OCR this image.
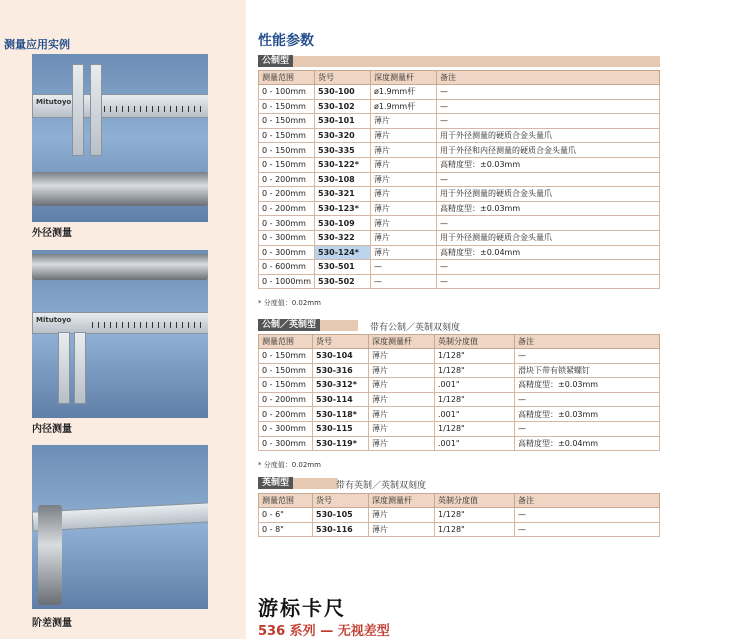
测量应用实例
Mitutoyo
外径测量
Mitutoyo
内径测量
阶差测量
性能参数
公制型
测量范围	货号	深度测量杆	备注
0 - 100mm	530-100	ø1.9mm杆	—
0 - 150mm	530-102	ø1.9mm杆	—
0 - 150mm	530-101	薄片	—
0 - 150mm	530-320	薄片	用于外径测量的硬质合金头量爪
0 - 150mm	530-335	薄片	用于外径和内径测量的硬质合金头量爪
0 - 150mm	530-122*	薄片	高精度型：±0.03mm
0 - 200mm	530-108	薄片	—
0 - 200mm	530-321	薄片	用于外径测量的硬质合金头量爪
0 - 200mm	530-123*	薄片	高精度型：±0.03mm
0 - 300mm	530-109	薄片	—
0 - 300mm	530-322	薄片	用于外径测量的硬质合金头量爪
0 - 300mm	530-124*	薄片	高精度型：±0.04mm
0 - 600mm	530-501	—	—
0 - 1000mm	530-502	—	—
* 分度值：0.02mm
公制／英制型	带有公制／英制双刻度
测量范围	货号	深度测量杆	英制分度值	备注
0 - 150mm	530-104	薄片	1/128"	—
0 - 150mm	530-316	薄片	1/128"	滑块下带有锁紧螺钉
0 - 150mm	530-312*	薄片	.001"	高精度型：±0.03mm
0 - 200mm	530-114	薄片	1/128"	—
0 - 200mm	530-118*	薄片	.001"	高精度型：±0.03mm
0 - 300mm	530-115	薄片	1/128"	—
0 - 300mm	530-119*	薄片	.001"	高精度型：±0.04mm
* 分度值：0.02mm
英制型	带有英制／英制双刻度
测量范围	货号	深度测量杆	英制分度值	备注
0 - 6"	530-105	薄片	1/128"	—
0 - 8"	530-116	薄片	1/128"	—
游标卡尺
536 系列 — 无视差型
